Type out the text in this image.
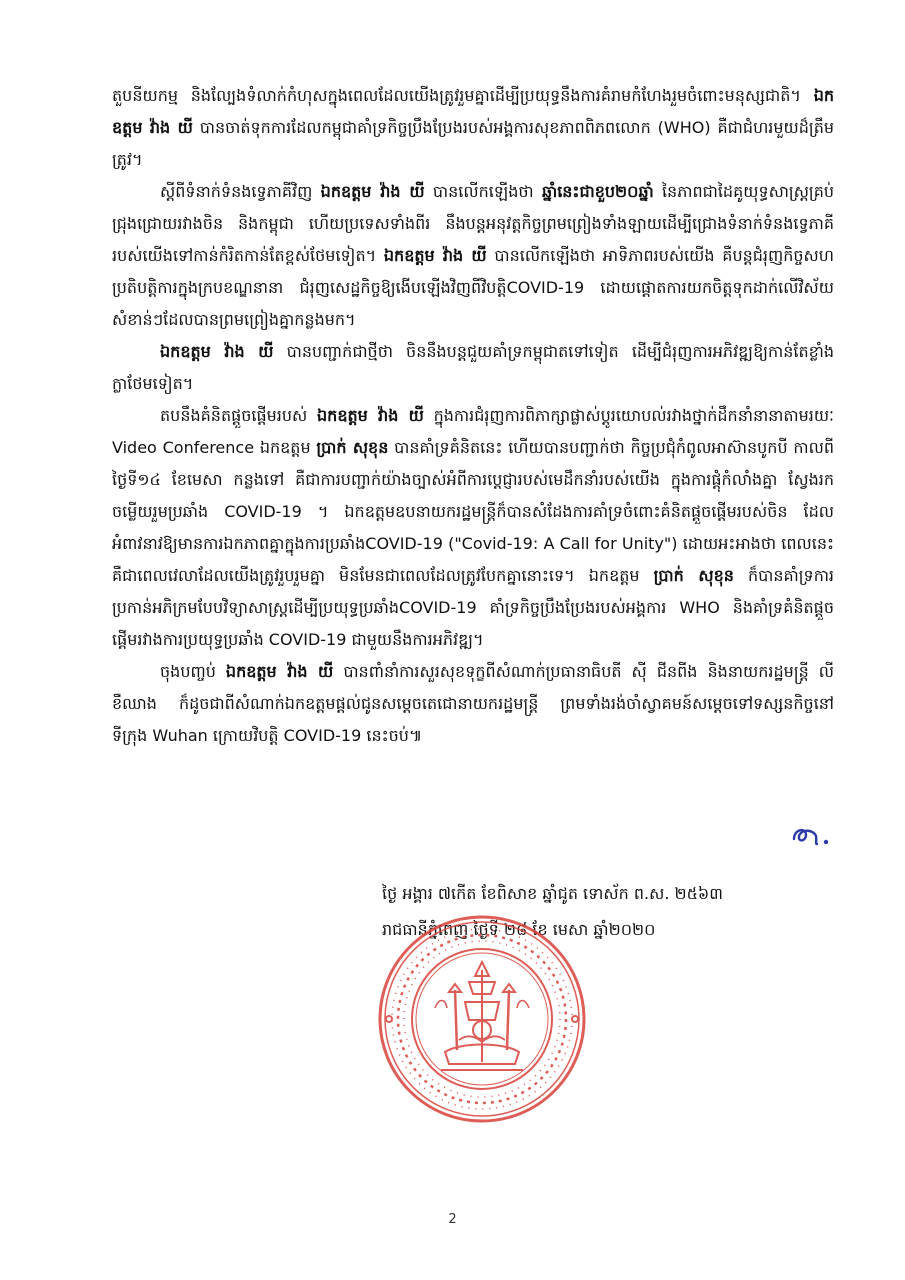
តួបនីយកម្ម និងល្បែងទំលាក់កំហុសក្នុងពេលដែលយើងត្រូវរួមគ្នាដើម្បីប្រយុទ្ធនឹងការគំរាមកំហែងរួមចំពោះមនុស្សជាតិ។ ឯកឧត្តម វ៉ាង យី បានចាត់ទុកការដែលកម្ពុជាគាំទ្រកិច្ចប្រឹងប្រែងរបស់អង្គការសុខភាពពិភពលោក (WHO) គឺជាជំហរមួយដ៏ត្រឹមត្រូវ។

ស្តីពីទំនាក់ទំនងទ្វេភាគីវិញ ឯកឧត្តម វ៉ាង យី បានលើកឡើងថា ឆ្នាំនេះជាខួប២០ឆ្នាំ នៃភាពជាដៃគូយុទ្ធសាស្ត្រគ្រប់ជ្រុងជ្រោយរវាងចិន និងកម្ពុជា ហើយប្រទេសទាំងពីរ នឹងបន្តអនុវត្តកិច្ចព្រមព្រៀងទាំងឡាយដើម្បីជ្រោងទំនាក់ទំនងទ្វេភាគីរបស់យើងទៅកាន់កំរិតកាន់តែខ្ពស់ថែមទៀត។ ឯកឧត្តម វ៉ាង យី បានលើកឡើងថា អាទិភាពរបស់យើង គឺបន្តជំរុញកិច្ចសហប្រតិបត្តិការក្នុងក្របខណ្ឌនានា ជំរុញសេដ្ឋកិច្ចឱ្យងើបឡើងវិញពីវិបត្តិCOVID-19 ដោយផ្តោតការយកចិត្តទុកដាក់លើវិស័យសំខាន់ៗដែលបានព្រមព្រៀងគ្នាកន្លងមក។

ឯកឧត្តម វ៉ាង យី បានបញ្ជាក់ជាថ្មីថា ចិននឹងបន្តជួយគាំទ្រកម្ពុជាតទៅទៀត ដើម្បីជំរុញការអភិវឌ្ឍឱ្យកាន់តែខ្លាំងក្លាថែមទៀត។

តបនឹងគំនិតផ្តួចផ្តើមរបស់ ឯកឧត្តម វ៉ាង យី ក្នុងការជំរុញការពិភាក្សាផ្លាស់ប្តូរយោបល់រវាងថ្នាក់ដឹកនាំនានាតាមរយៈ Video Conference ឯកឧត្តម ប្រាក់ សុខុន បានគាំទ្រគំនិតនេះ ហើយបានបញ្ជាក់ថា កិច្ចប្រជុំកំពូលអាស៊ានបូកបី កាលពីថ្ងៃទី១៤ ខែមេសា កន្លងទៅ គឺជាការបញ្ជាក់យ៉ាងច្បាស់អំពីការប្តេជ្ញារបស់មេដឹកនាំរបស់យើង ក្នុងការផ្តុំកំលាំងគ្នា ស្វែងរកចម្លើយរួមប្រឆាំង COVID-19 ។ ឯកឧត្តមឧបនាយករដ្ឋមន្ត្រីក៏បានសំដែងការគាំទ្រចំពោះគំនិតផ្តួចផ្តើមរបស់ចិន ដែលអំពាវនាវឱ្យមានការឯកភាពគ្នាក្នុងការប្រឆាំងCOVID-19 ("Covid-19: A Call for Unity") ដោយអះអាងថា ពេលនេះ គឺជាពេលវេលាដែលយើងត្រូវរួបរួមគ្នា មិនមែនជាពេលដែលត្រូវបែកគ្នានោះទេ។ ឯកឧត្តម ប្រាក់ សុខុន ក៏បានគាំទ្រការប្រកាន់អភិក្រមបែបវិទ្យាសាស្ត្រដើម្បីប្រយុទ្ធប្រឆាំងCOVID-19 គាំទ្រកិច្ចប្រឹងប្រែងរបស់អង្គការ WHO និងគាំទ្រគំនិតផ្តួចផ្តើមរវាងការប្រយុទ្ធប្រឆាំង COVID-19 ជាមួយនឹងការអភិវឌ្ឍ។

ចុងបញ្ចប់ ឯកឧត្តម វ៉ាង យី បានពាំនាំការសួរសុខទុក្ខពីសំណាក់ប្រធានាធិបតី ស៊ី ជីនពីង និងនាយករដ្ឋមន្ត្រី លី ខឺឈាង ក៏ដូចជាពីសំណាក់ឯកឧត្តមផ្តល់ជូនសម្តេចតេជោនាយករដ្ឋមន្ត្រី ព្រមទាំងរង់ចាំស្វាគមន៍សម្តេចទៅទស្សនកិច្ចនៅទីក្រុង Wuhan ក្រោយវិបត្តិ COVID-19 នេះចប់៕

ថ្ងៃ អង្គារ ៧កើត ខែពិសាខ ឆ្នាំជូត ទោស័ក ព.ស. ២៥៦៣
រាជធានីភ្នំពេញ ថ្ងៃទី ២៨ ខែ មេសា ឆ្នាំ២០២០
2
